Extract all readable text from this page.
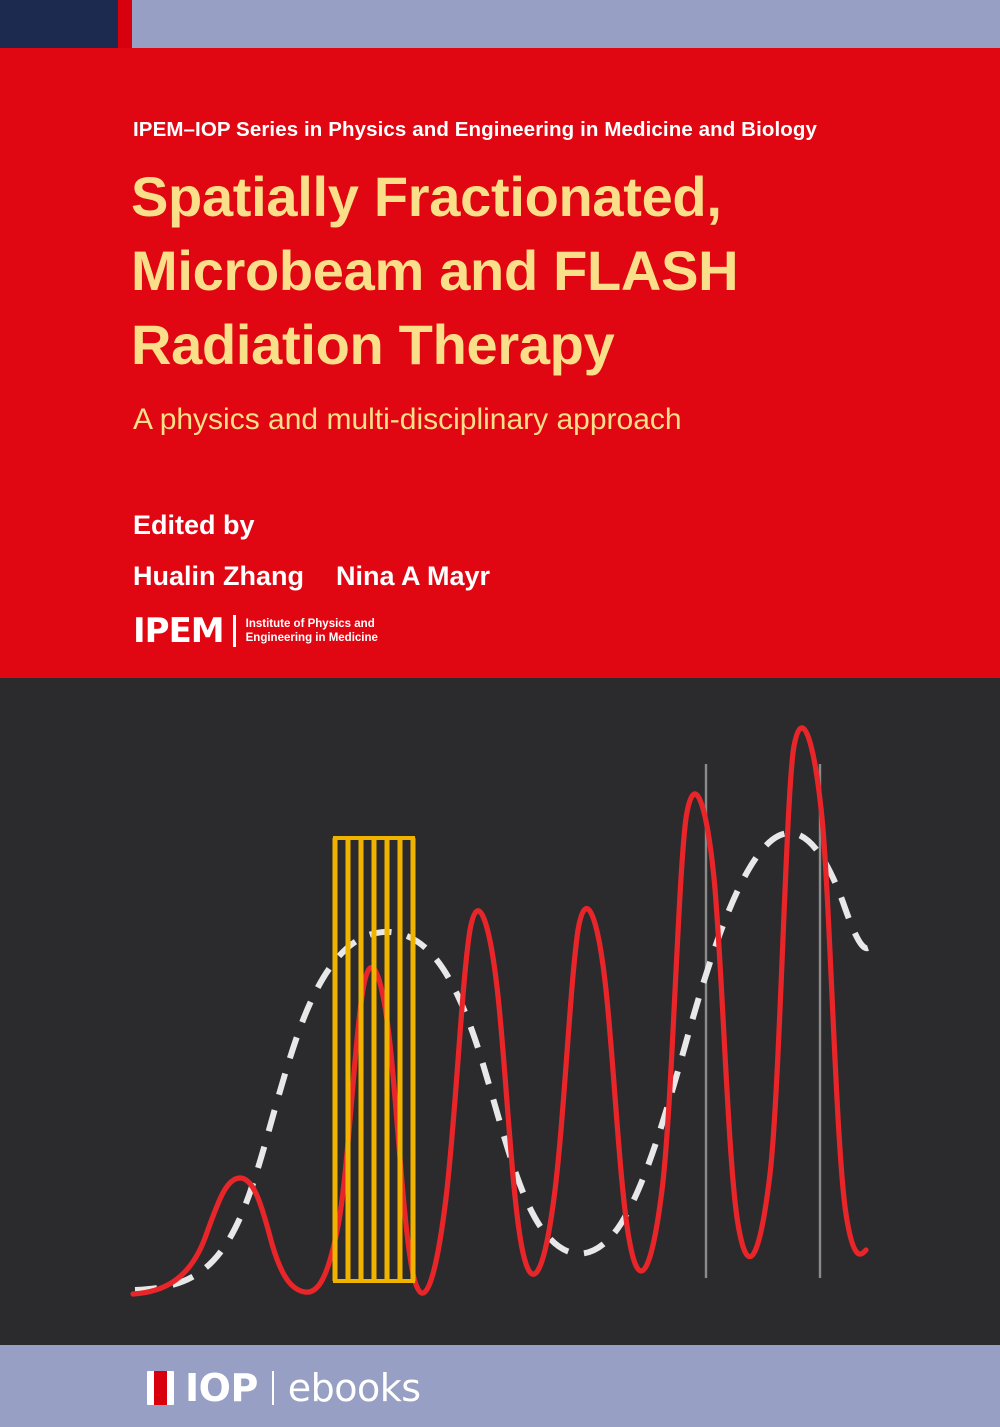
IPEM–IOP Series in Physics and Engineering in Medicine and Biology
Spatially Fractionated, Microbeam and FLASH Radiation Therapy
A physics and multi-disciplinary approach
Edited by
Hualin Zhang Nina A Mayr
IPEM Institute of Physics and Engineering in Medicine
IOP ebooks
